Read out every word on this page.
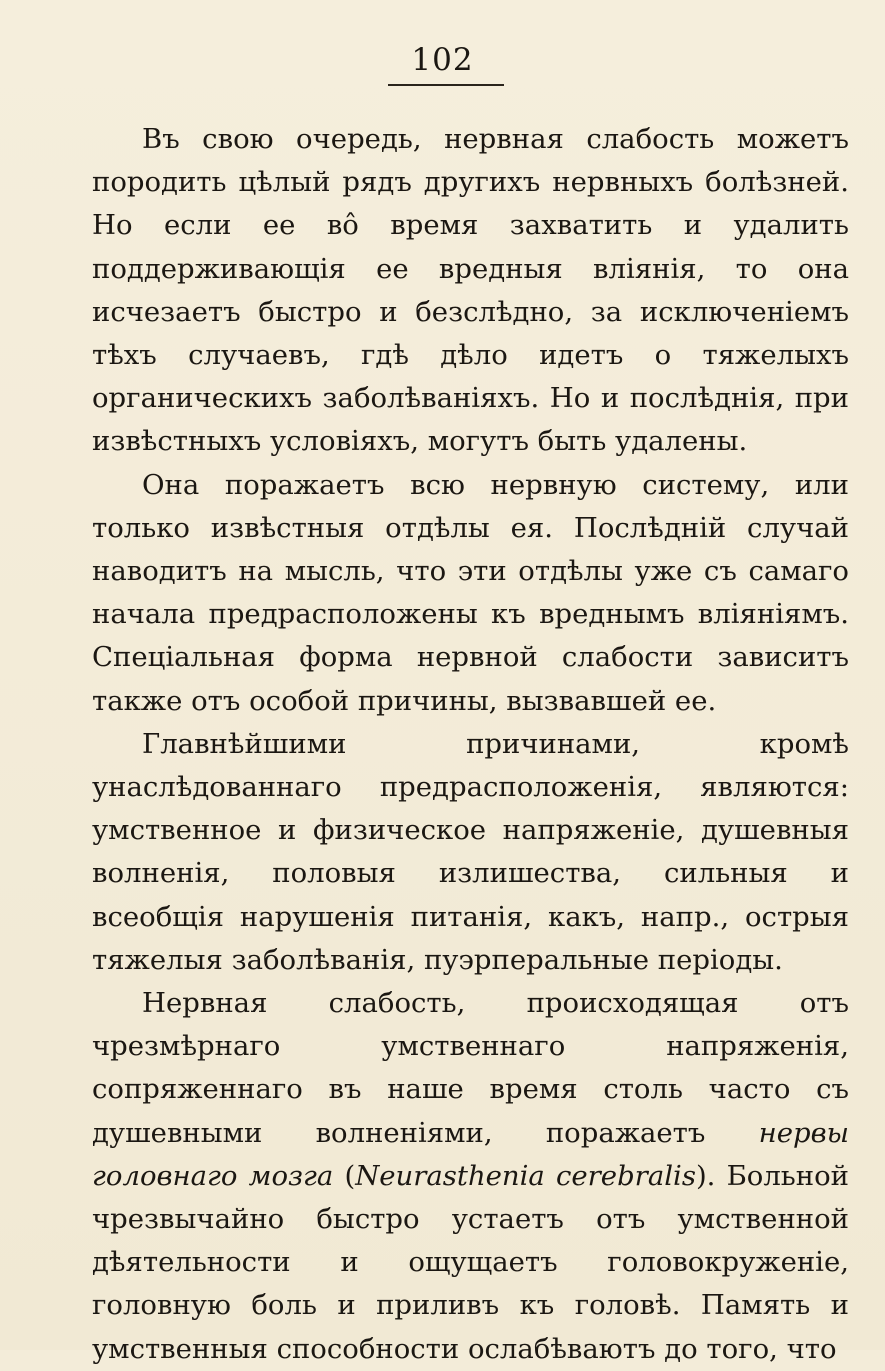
102

Въ свою очередь, нервная слабость можетъ породить цѣлый рядъ другихъ нервныхъ болѣзней. Но если ее вô время захватить и удалить поддерживающія ее вредныя вліянія, то она исчезаетъ быстро и безслѣдно, за исключеніемъ тѣхъ случаевъ, гдѣ дѣло идетъ о тяжелыхъ органическихъ заболѣваніяхъ. Но и послѣднія, при извѣстныхъ условіяхъ, могутъ быть удалены.

Она поражаетъ всю нервную систему, или только извѣстныя отдѣлы ея. Послѣдній случай наводитъ на мысль, что эти отдѣлы уже съ самаго начала предрасположены къ вреднымъ вліяніямъ. Спеціальная форма нервной слабости зависитъ также отъ особой причины, вызвавшей ее.

Главнѣйшими причинами, кромѣ унаслѣдованнаго предрасположенія, являются: умственное и физическое напряженіе, душевныя волненія, половыя излишества, сильныя и всеобщія нарушенія питанія, какъ, напр., острыя тяжелыя заболѣванія, пуэрперальные періоды.

Нервная слабость, происходящая отъ чрезмѣрнаго умственнаго напряженія, сопряженнаго въ наше время столь часто съ душевными волненіями, поражаетъ нервы головнаго мозга (Neurasthenia cerebralis). Больной чрезвычайно быстро устаетъ отъ умственной дѣятельности и ощущаетъ головокруженіе, головную боль и приливъ къ головѣ. Память и умственныя способности ослабѣваютъ до того, что
